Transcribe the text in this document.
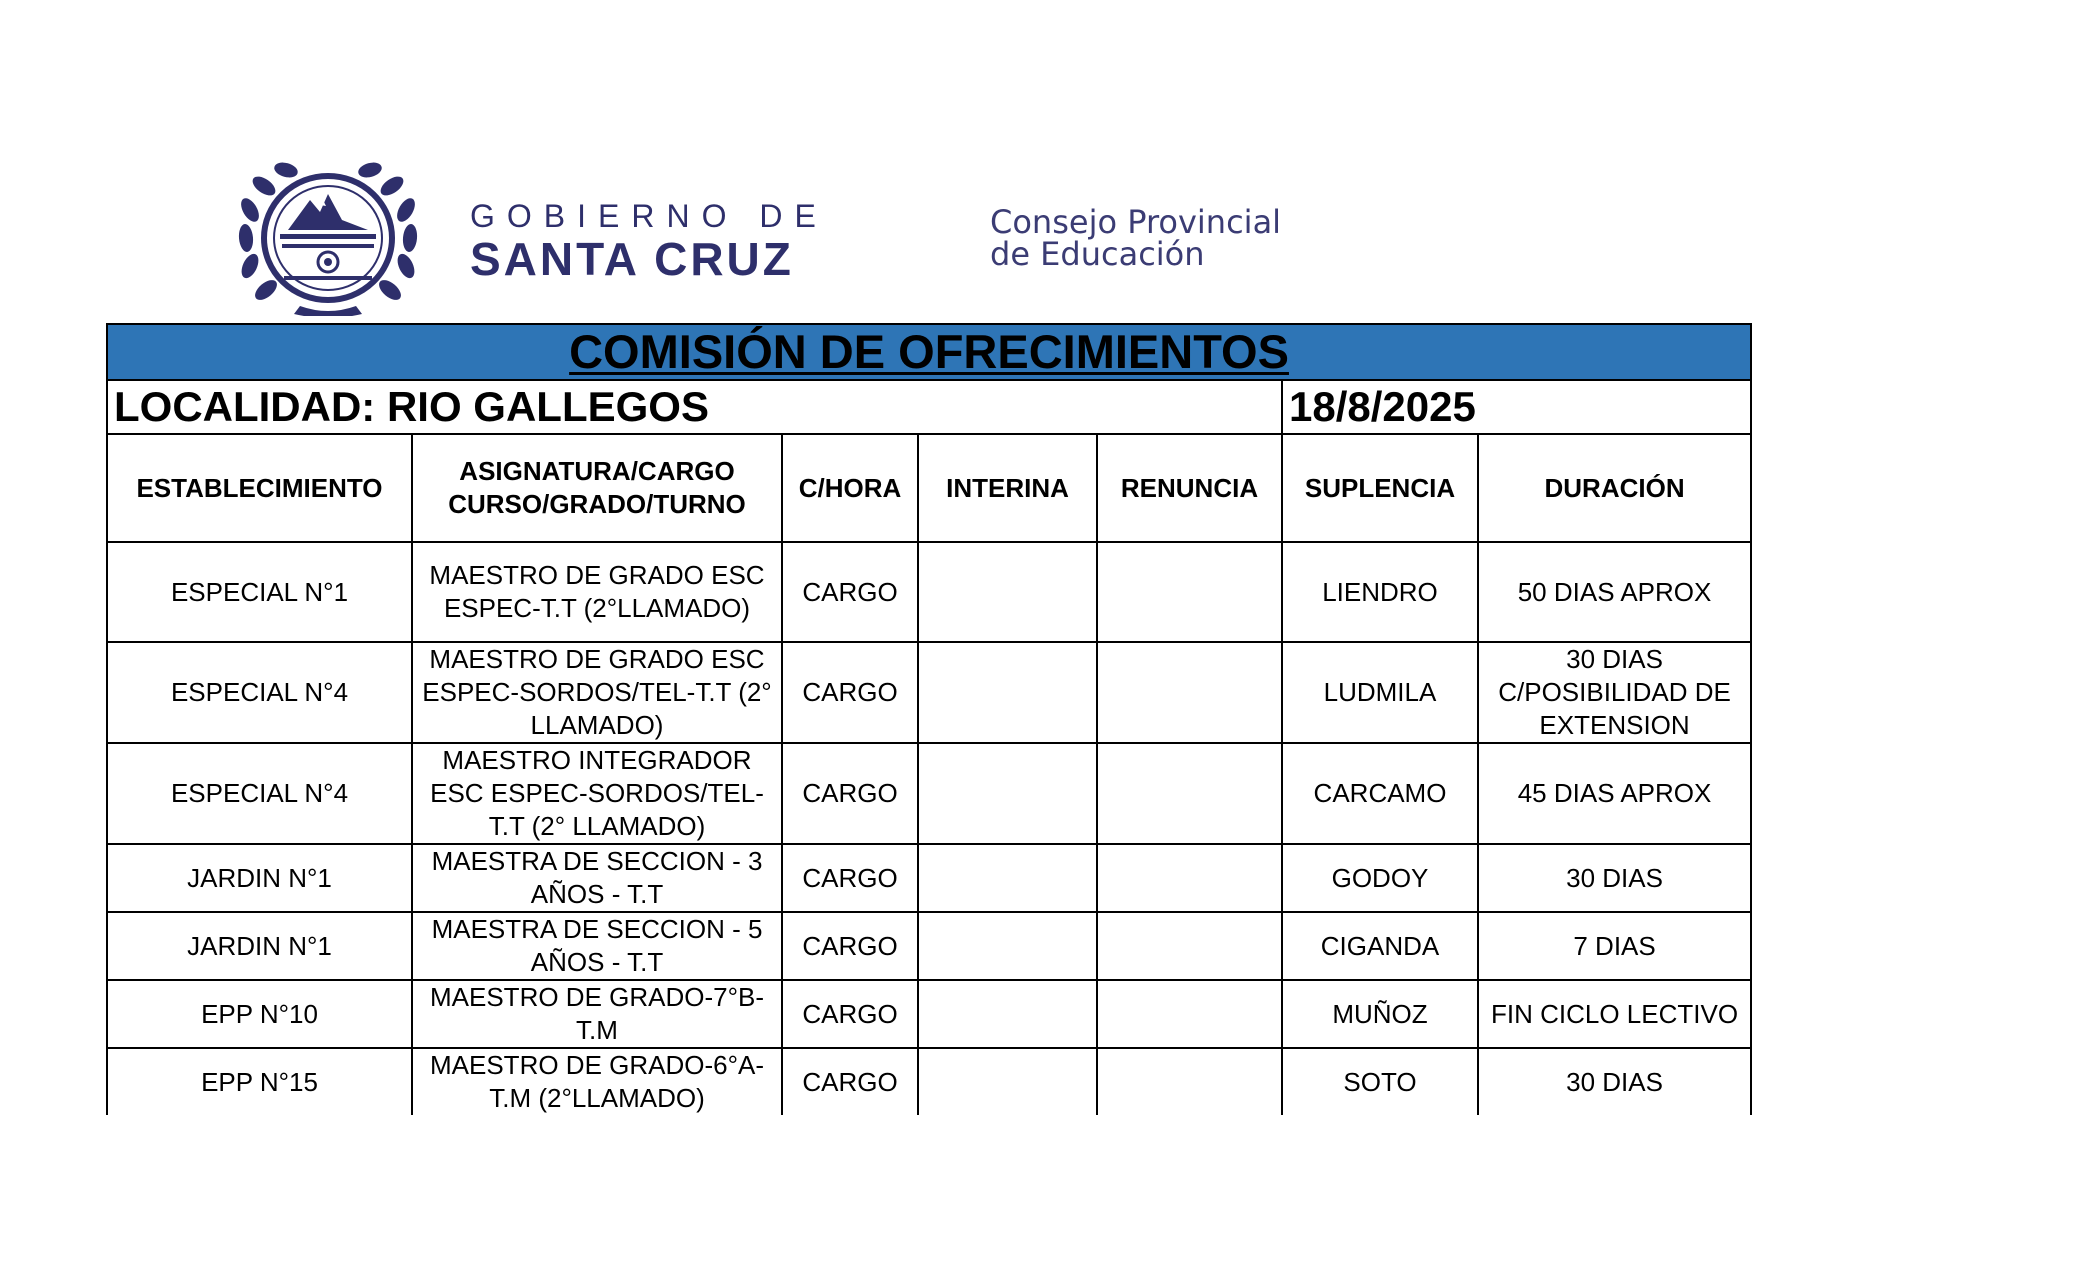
GOBIERNO DE
SANTA CRUZ
Consejo Provincial
de Educación
COMISIÓN DE OFRECIMIENTOS						
LOCALIDAD: RIO GALLEGOS					18/8/2025	
ESTABLECIMIENTO	ASIGNATURA/CARGO CURSO/GRADO/TURNO	C/HORA	INTERINA	RENUNCIA	SUPLENCIA	DURACIÓN
ESPECIAL N°1	MAESTRO DE GRADO ESC ESPEC-T.T (2°LLAMADO)	CARGO			LIENDRO	50 DIAS APROX
ESPECIAL N°4	MAESTRO DE GRADO ESC ESPEC-SORDOS/TEL-T.T (2° LLAMADO)	CARGO			LUDMILA	30 DIAS C/POSIBILIDAD DE EXTENSION
ESPECIAL N°4	MAESTRO INTEGRADOR ESC ESPEC-SORDOS/TEL-T.T (2° LLAMADO)	CARGO			CARCAMO	45 DIAS APROX
JARDIN N°1	MAESTRA DE SECCION - 3 AÑOS - T.T	CARGO			GODOY	30 DIAS
JARDIN N°1	MAESTRA DE SECCION - 5 AÑOS - T.T	CARGO			CIGANDA	7 DIAS
EPP N°10	MAESTRO DE GRADO-7°B-T.M	CARGO			MUÑOZ	FIN CICLO LECTIVO
EPP N°15	MAESTRO DE GRADO-6°A-T.M (2°LLAMADO)	CARGO			SOTO	30 DIAS
